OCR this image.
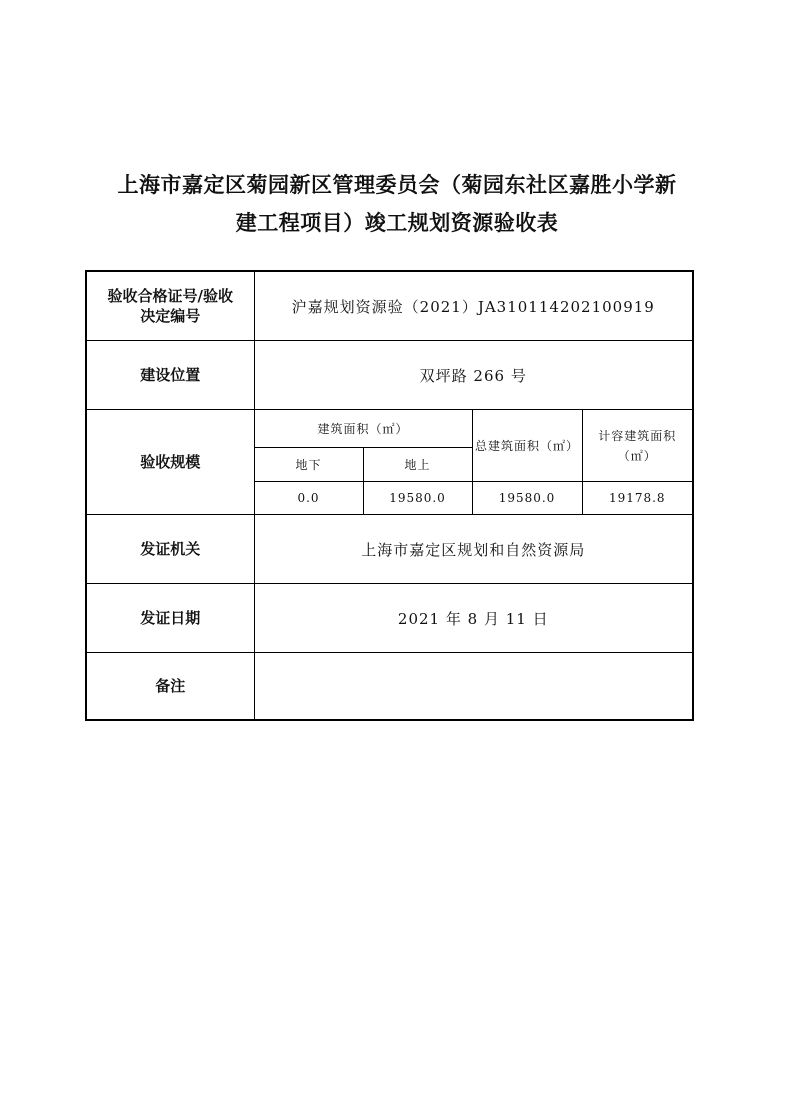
上海市嘉定区菊园新区管理委员会（菊园东社区嘉胜小学新
建工程项目）竣工规划资源验收表
验收合格证号/验收决定编号	沪嘉规划资源验（2021）JA310114202100919			
建设位置	双坪路 266 号			
验收规模	建筑面积（㎡）		总建筑面积（㎡）	计容建筑面积（㎡）
	地下	地上		
	0.0	19580.0	19580.0	19178.8
发证机关	上海市嘉定区规划和自然资源局			
发证日期	2021 年 8 月 11 日			
备注				
